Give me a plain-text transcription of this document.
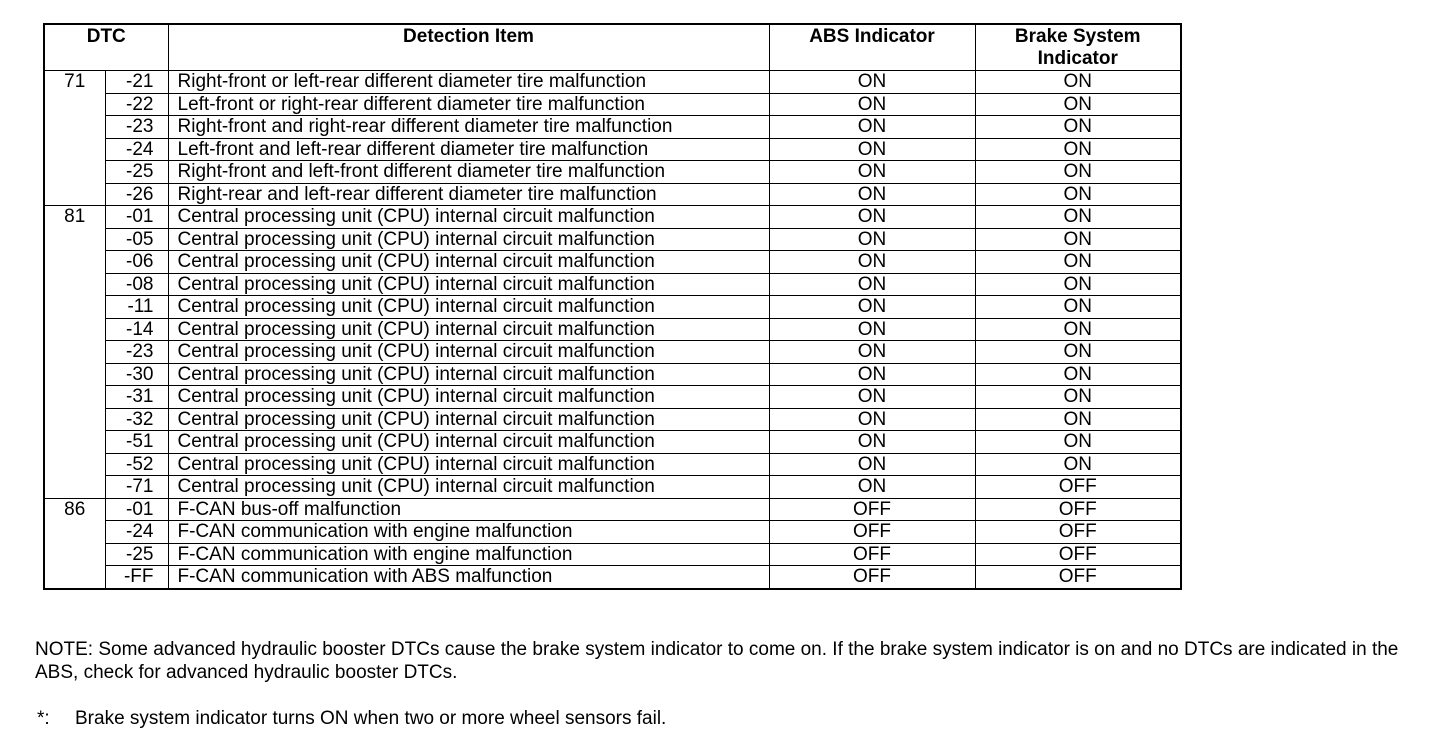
DTC		Detection Item	ABS Indicator	Brake System
Indicator
71	-21	Right-front or left-rear different diameter tire malfunction	ON	ON
	-22	Left-front or right-rear different diameter tire malfunction	ON	ON
	-23	Right-front and right-rear different diameter tire malfunction	ON	ON
	-24	Left-front and left-rear different diameter tire malfunction	ON	ON
	-25	Right-front and left-front different diameter tire malfunction	ON	ON
	-26	Right-rear and left-rear different diameter tire malfunction	ON	ON
81	-01	Central processing unit (CPU) internal circuit malfunction	ON	ON
	-05	Central processing unit (CPU) internal circuit malfunction	ON	ON
	-06	Central processing unit (CPU) internal circuit malfunction	ON	ON
	-08	Central processing unit (CPU) internal circuit malfunction	ON	ON
	-11	Central processing unit (CPU) internal circuit malfunction	ON	ON
	-14	Central processing unit (CPU) internal circuit malfunction	ON	ON
	-23	Central processing unit (CPU) internal circuit malfunction	ON	ON
	-30	Central processing unit (CPU) internal circuit malfunction	ON	ON
	-31	Central processing unit (CPU) internal circuit malfunction	ON	ON
	-32	Central processing unit (CPU) internal circuit malfunction	ON	ON
	-51	Central processing unit (CPU) internal circuit malfunction	ON	ON
	-52	Central processing unit (CPU) internal circuit malfunction	ON	ON
	-71	Central processing unit (CPU) internal circuit malfunction	ON	OFF
86	-01	F-CAN bus-off malfunction	OFF	OFF
	-24	F-CAN communication with engine malfunction	OFF	OFF
	-25	F-CAN communication with engine malfunction	OFF	OFF
	-FF	F-CAN communication with ABS malfunction	OFF	OFF
NOTE: Some advanced hydraulic booster DTCs cause the brake system indicator to come on. If the brake system indicator is on and no DTCs are indicated in the ABS, check for advanced hydraulic booster DTCs.
*: Brake system indicator turns ON when two or more wheel sensors fail.
